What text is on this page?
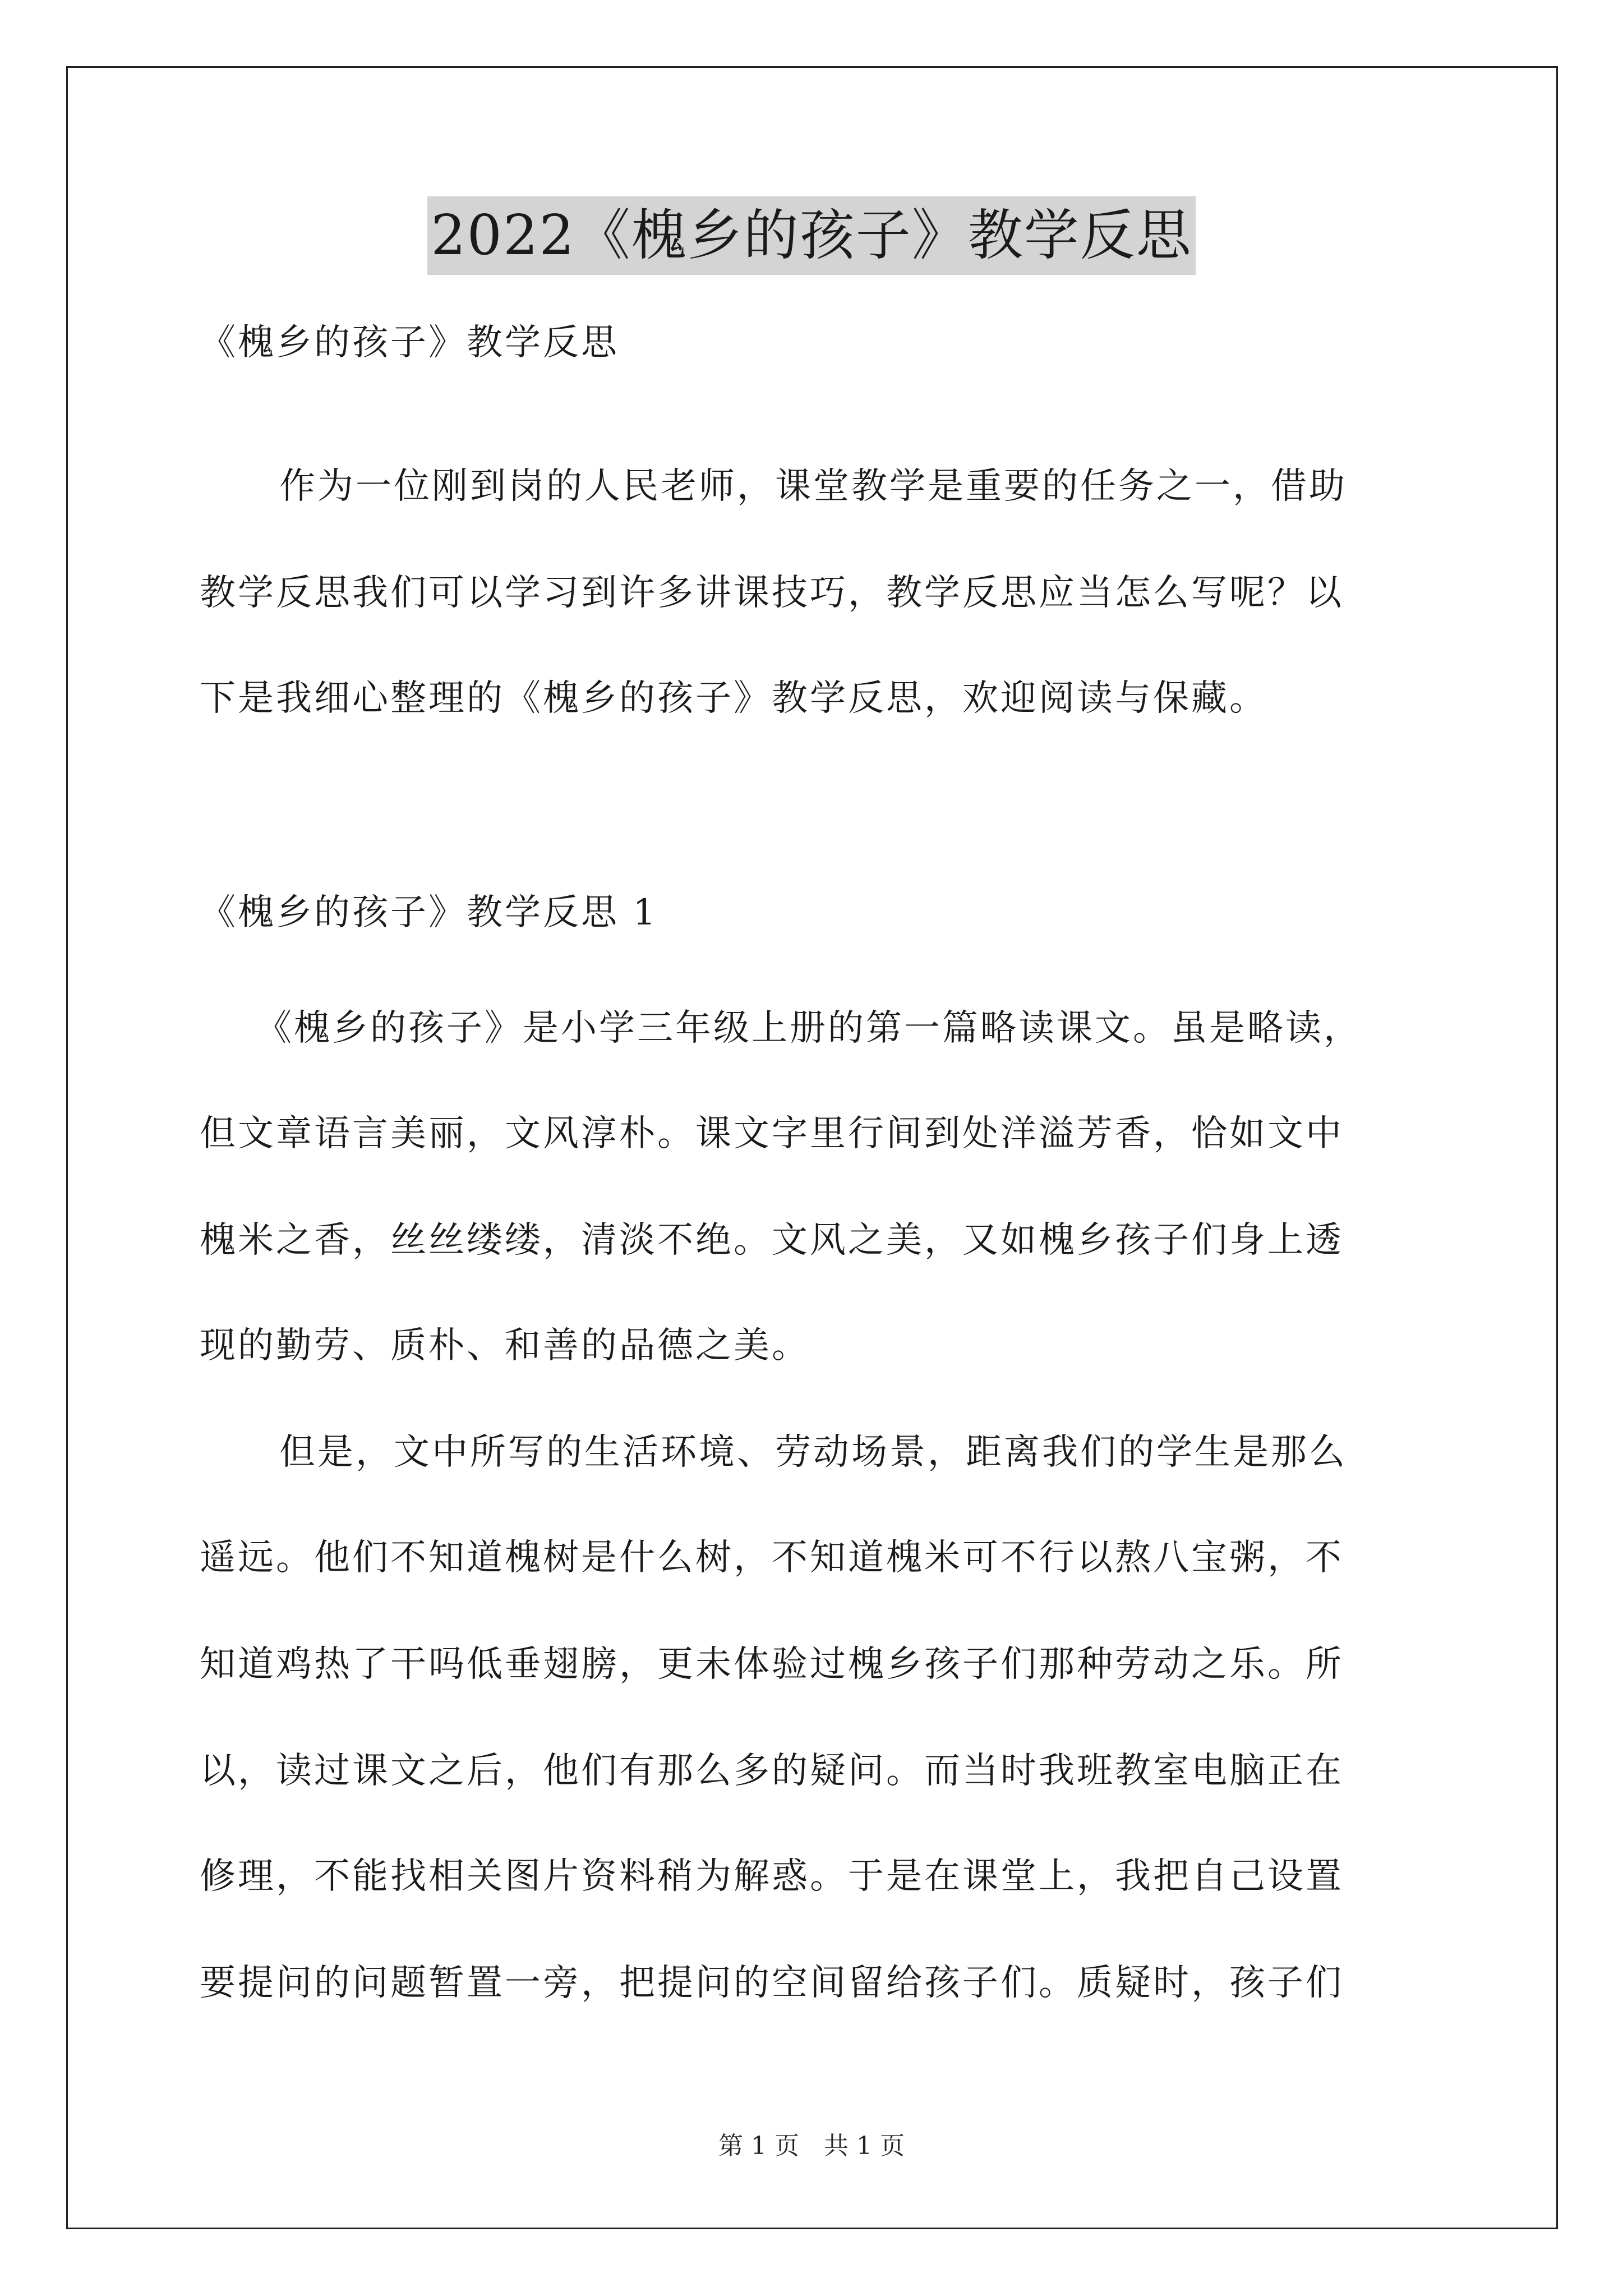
2022《槐乡的孩子》教学反思
《槐乡的孩子》教学反思
作为一位刚到岗的人民老师，课堂教学是重要的任务之一，借助
教学反思我们可以学习到许多讲课技巧，教学反思应当怎么写呢？以
下是我细心整理的《槐乡的孩子》教学反思，欢迎阅读与保藏。
《槐乡的孩子》教学反思 1
《槐乡的孩子》是小学三年级上册的第一篇略读课文。虽是略读，
但文章语言美丽，文风淳朴。课文字里行间到处洋溢芳香，恰如文中
槐米之香，丝丝缕缕，清淡不绝。文风之美，又如槐乡孩子们身上透
现的勤劳、质朴、和善的品德之美。
但是，文中所写的生活环境、劳动场景，距离我们的学生是那么
遥远。他们不知道槐树是什么树，不知道槐米可不行以熬八宝粥，不
知道鸡热了干吗低垂翅膀，更未体验过槐乡孩子们那种劳动之乐。所
以，读过课文之后，他们有那么多的疑问。而当时我班教室电脑正在
修理，不能找相关图片资料稍为解惑。于是在课堂上，我把自己设置
要提问的问题暂置一旁，把提问的空间留给孩子们。质疑时，孩子们
第 1 页　共 1 页
